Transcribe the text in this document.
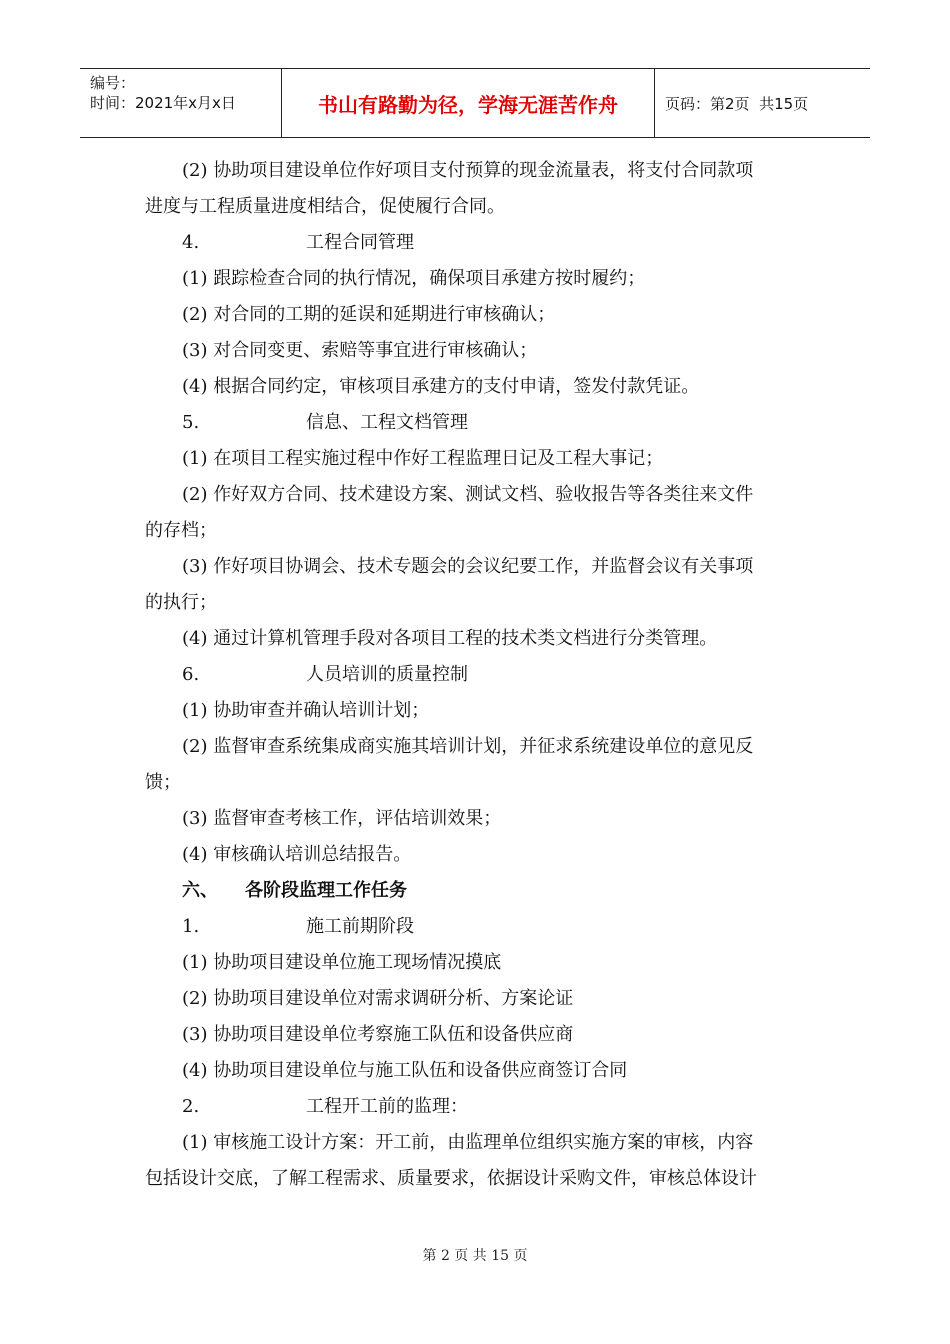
编号：
时间：2021年x月x日	书山有路勤为径，学海无涯苦作舟	页码：第2页  共15页
(2) 协助项目建设单位作好项目支付预算的现金流量表，将支付合同款项
进度与工程质量进度相结合，促使履行合同。
4.	工程合同管理
(1) 跟踪检查合同的执行情况，确保项目承建方按时履约；
(2) 对合同的工期的延误和延期进行审核确认；
(3) 对合同变更、索赔等事宜进行审核确认；
(4) 根据合同约定，审核项目承建方的支付申请，签发付款凭证。
5.	信息、工程文档管理
(1) 在项目工程实施过程中作好工程监理日记及工程大事记；
(2) 作好双方合同、技术建设方案、测试文档、验收报告等各类往来文件
的存档；
(3) 作好项目协调会、技术专题会的会议纪要工作，并监督会议有关事项
的执行；
(4) 通过计算机管理手段对各项目工程的技术类文档进行分类管理。
6.	人员培训的质量控制
(1) 协助审查并确认培训计划；
(2) 监督审查系统集成商实施其培训计划，并征求系统建设单位的意见反
馈；
(3) 监督审查考核工作，评估培训效果；
(4) 审核确认培训总结报告。
六、 各阶段监理工作任务
1.	施工前期阶段
(1) 协助项目建设单位施工现场情况摸底
(2) 协助项目建设单位对需求调研分析、方案论证
(3) 协助项目建设单位考察施工队伍和设备供应商
(4) 协助项目建设单位与施工队伍和设备供应商签订合同
2.	工程开工前的监理：
(1) 审核施工设计方案：开工前，由监理单位组织实施方案的审核，内容
包括设计交底，了解工程需求、质量要求，依据设计采购文件，审核总体设计
第 2 页 共 15 页
